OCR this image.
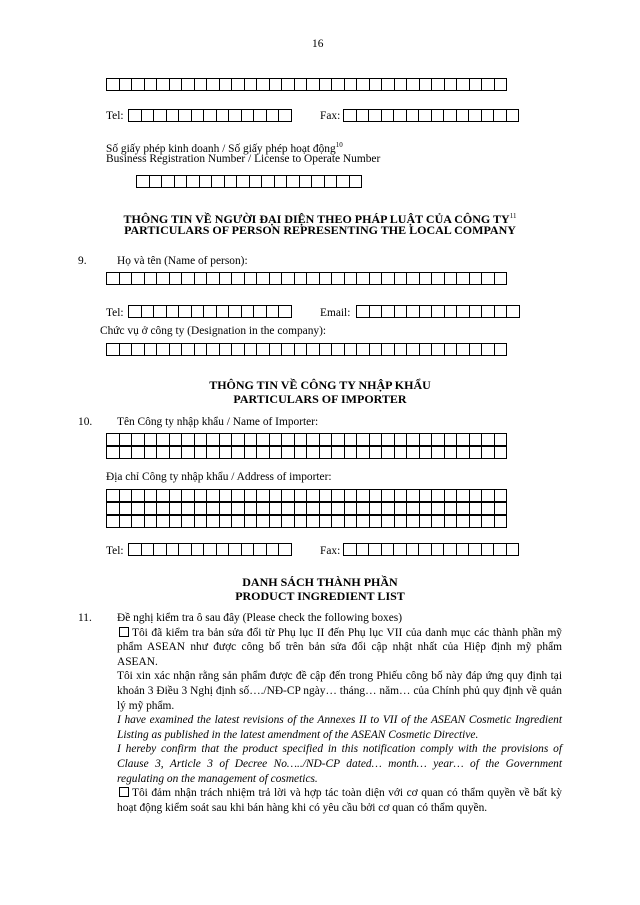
16
Tel:	Fax:
Số giấy phép kinh doanh / Số giấy phép hoạt động$^{10}$
Business Registration Number / License to Operate Number
THÔNG TIN VỀ NGƯỜI ĐẠI DIỆN THEO PHÁP LUẬT CỦA CÔNG TY$^{11}$
PARTICULARS OF PERSON REPRESENTING THE LOCAL COMPANY
9.	Họ và tên (Name of person):
Tel:	Email:
Chức vụ ở công ty (Designation in the company):
THÔNG TIN VỀ CÔNG TY NHẬP KHẨU
PARTICULARS OF IMPORTER
10. Tên Công ty nhập khẩu / Name of Importer:
Địa chỉ Công ty nhập khẩu / Address of importer:
Tel:	Fax:
DANH SÁCH THÀNH PHẦN
PRODUCT INGREDIENT LIST
11. Đề nghị kiểm tra ô sau đây (Please check the following boxes)
Tôi đã kiểm tra bản sửa đổi từ Phụ lục II đến Phụ lục VII của danh mục các thành phần mỹ phẩm ASEAN như được công bố trên bản sửa đổi cập nhật nhất của Hiệp định mỹ phẩm ASEAN.
Tôi xin xác nhận rằng sản phẩm được đề cập đến trong Phiếu công bố này đáp ứng quy định tại khoản 3 Điều 3 Nghị định số…./NĐ-CP ngày… tháng… năm… của Chính phủ quy định về quản lý mỹ phẩm.
I have examined the latest revisions of the Annexes II to VII of the ASEAN Cosmetic Ingredient Listing as published in the latest amendment of the ASEAN Cosmetic Directive.
I hereby confirm that the product specified in this notification comply with the provisions of Clause 3, Article 3 of Decree No…../ND-CP dated… month… year… of the Government regulating on the management of cosmetics.
Tôi đảm nhận trách nhiệm trả lời và hợp tác toàn diện với cơ quan có thẩm quyền về bất kỳ hoạt động kiểm soát sau khi bán hàng khi có yêu cầu bởi cơ quan có thẩm quyền.
